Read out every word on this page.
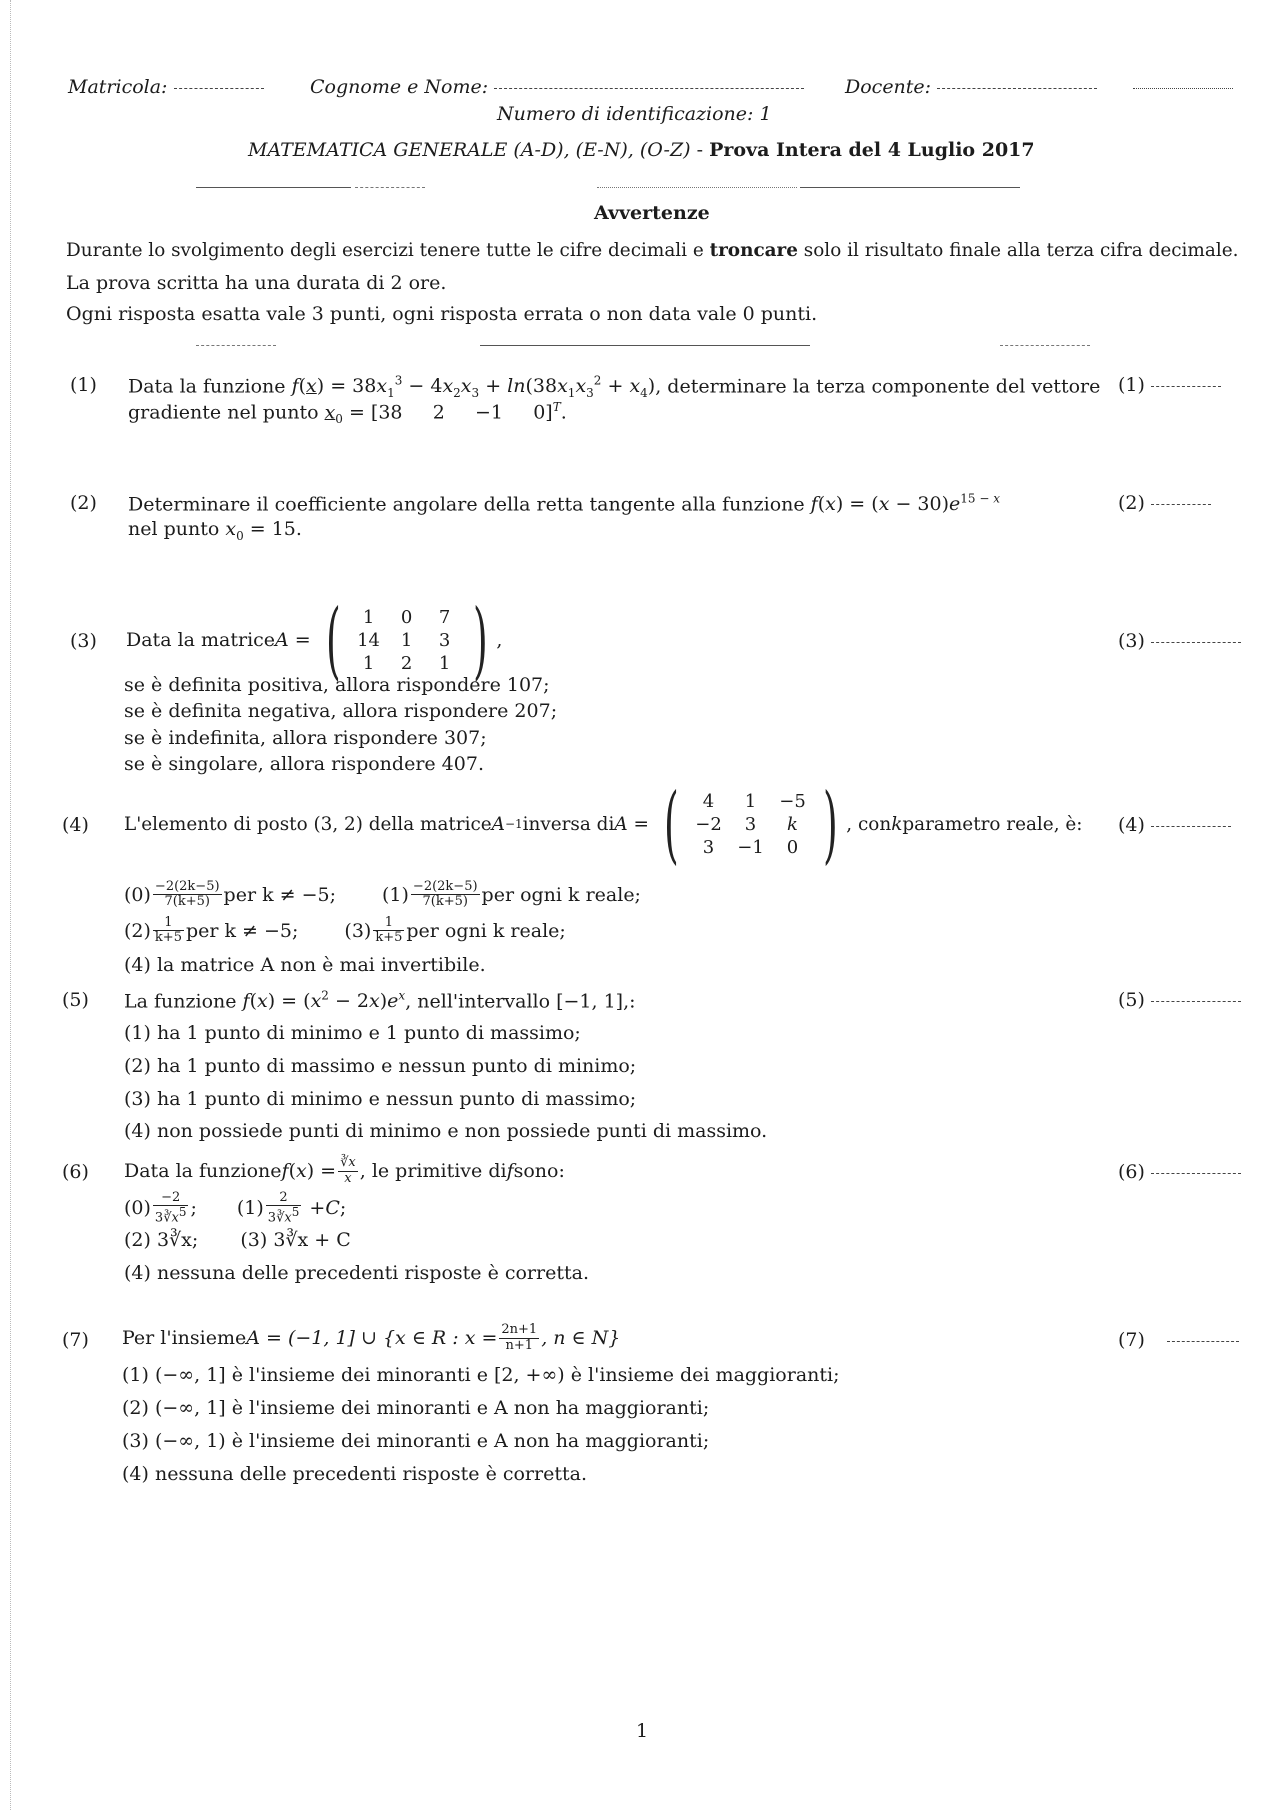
Matricola:	Cognome e Nome:	Docente:
Numero di identificazione: 1
MATEMATICA GENERALE (A-D), (E-N), (O-Z) - Prova Intera del 4 Luglio 2017
Avvertenze
Durante lo svolgimento degli esercizi tenere tutte le cifre decimali e troncare solo il risultato finale alla terza cifra decimale.
La prova scritta ha una durata di 2 ore.
Ogni risposta esatta vale 3 punti, ogni risposta errata o non data vale 0 punti.
(1)	Data la funzione $f(x) = 38x_1^3 - 4x_2x_3 + \ln(38x_1x_3^2 + x_4)$, determinare la terza componente del vettore
gradiente nel punto $x_0 = [38$     2     −1     0]$^T$.
(1)
(2)	Determinare il coefficiente angolare della retta tangente alla funzione $f(x) = (x - 30)e^{15 - x}$
nel punto $x_0 = 15$.
(2)
(3)	Data la matrice A = (	1	0	7
14	1	3
1	2	1 ) ,	(3)
se è definita positiva, allora rispondere 107;
se è definita negativa, allora rispondere 207;
se è indefinita, allora rispondere 307;
se è singolare, allora rispondere 407.
(4)	L'elemento di posto (3, 2) della matrice A −1 inversa di A = (	4	1	−5
−2	3	k
3	−1	0 ) , con k parametro reale, è: (4)
$(0) \frac{-2(2k-5)}{7(k+5)}$ per k ≠ −5; $(1) \frac{-2(2k-5)}{7(k+5)}$ per ogni k reale;
$(2) \frac{1}{k+5}$ per k ≠ −5; $(3) \frac{1}{k+5}$ per ogni k reale;
(4) la matrice A non è mai invertibile.
(5)	La funzione $f(x) = (x^2 - 2x)e^x$, nell'intervallo [−1, 1],:	(5)
(1) ha 1 punto di minimo e 1 punto di massimo;
(2) ha 1 punto di massimo e nessun punto di minimo;
(3) ha 1 punto di minimo e nessun punto di massimo;
(4) non possiede punti di minimo e non possiede punti di massimo.
(6)	Data la funzione f ( x ) = $\frac{∛x}{x}$ , le primitive di f sono:	(6)
$(0) \frac{-2}{3∛x^5}$ ; $(1) \frac{2}{3∛x^5} + C$ ;
(2) 3∛x; (3) 3∛x + C
(4) nessuna delle precedenti risposte è corretta.
(7)	Per l'insieme A = (−1, 1] ∪ {x ∈ R : $x = \frac{2n+1}{n+1}$ , n ∈ N}	(7)
(1) (−∞, 1] è l'insieme dei minoranti e [2, +∞) è l'insieme dei maggioranti;
(2) (−∞, 1] è l'insieme dei minoranti e A non ha maggioranti;
(3) (−∞, 1) è l'insieme dei minoranti e A non ha maggioranti;
(4) nessuna delle precedenti risposte è corretta.
1
